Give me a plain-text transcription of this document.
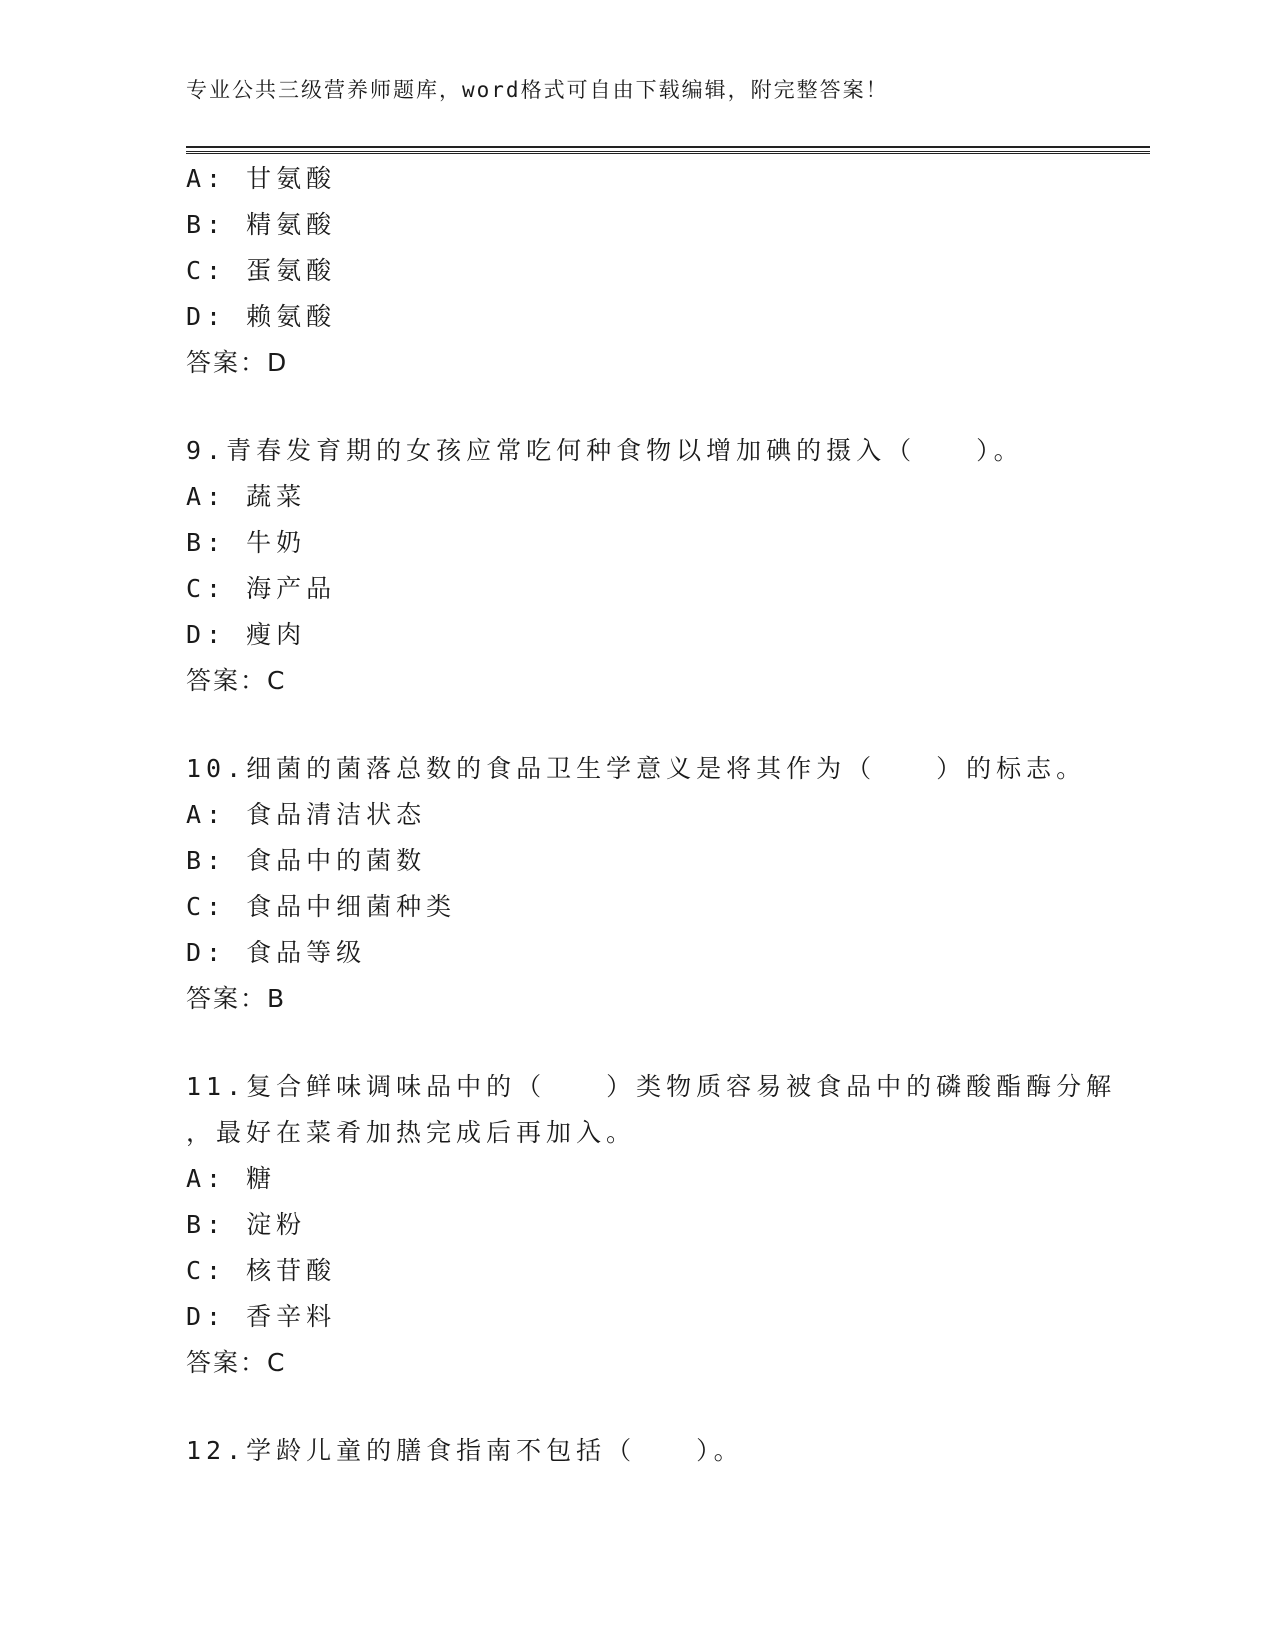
专业公共三级营养师题库，word格式可自由下载编辑，附完整答案！
A: 甘氨酸
B: 精氨酸
C: 蛋氨酸
D: 赖氨酸
答案：D
9.青春发育期的女孩应常吃何种食物以增加碘的摄入（　　）。
A: 蔬菜
B: 牛奶
C: 海产品
D: 瘦肉
答案：C
10.细菌的菌落总数的食品卫生学意义是将其作为（　　）的标志。
A: 食品清洁状态
B: 食品中的菌数
C: 食品中细菌种类
D: 食品等级
答案：B
11.复合鲜味调味品中的（　　）类物质容易被食品中的磷酸酯酶分解
，最好在菜肴加热完成后再加入。
A: 糖
B: 淀粉
C: 核苷酸
D: 香辛料
答案：C
12.学龄儿童的膳食指南不包括（　　）。
